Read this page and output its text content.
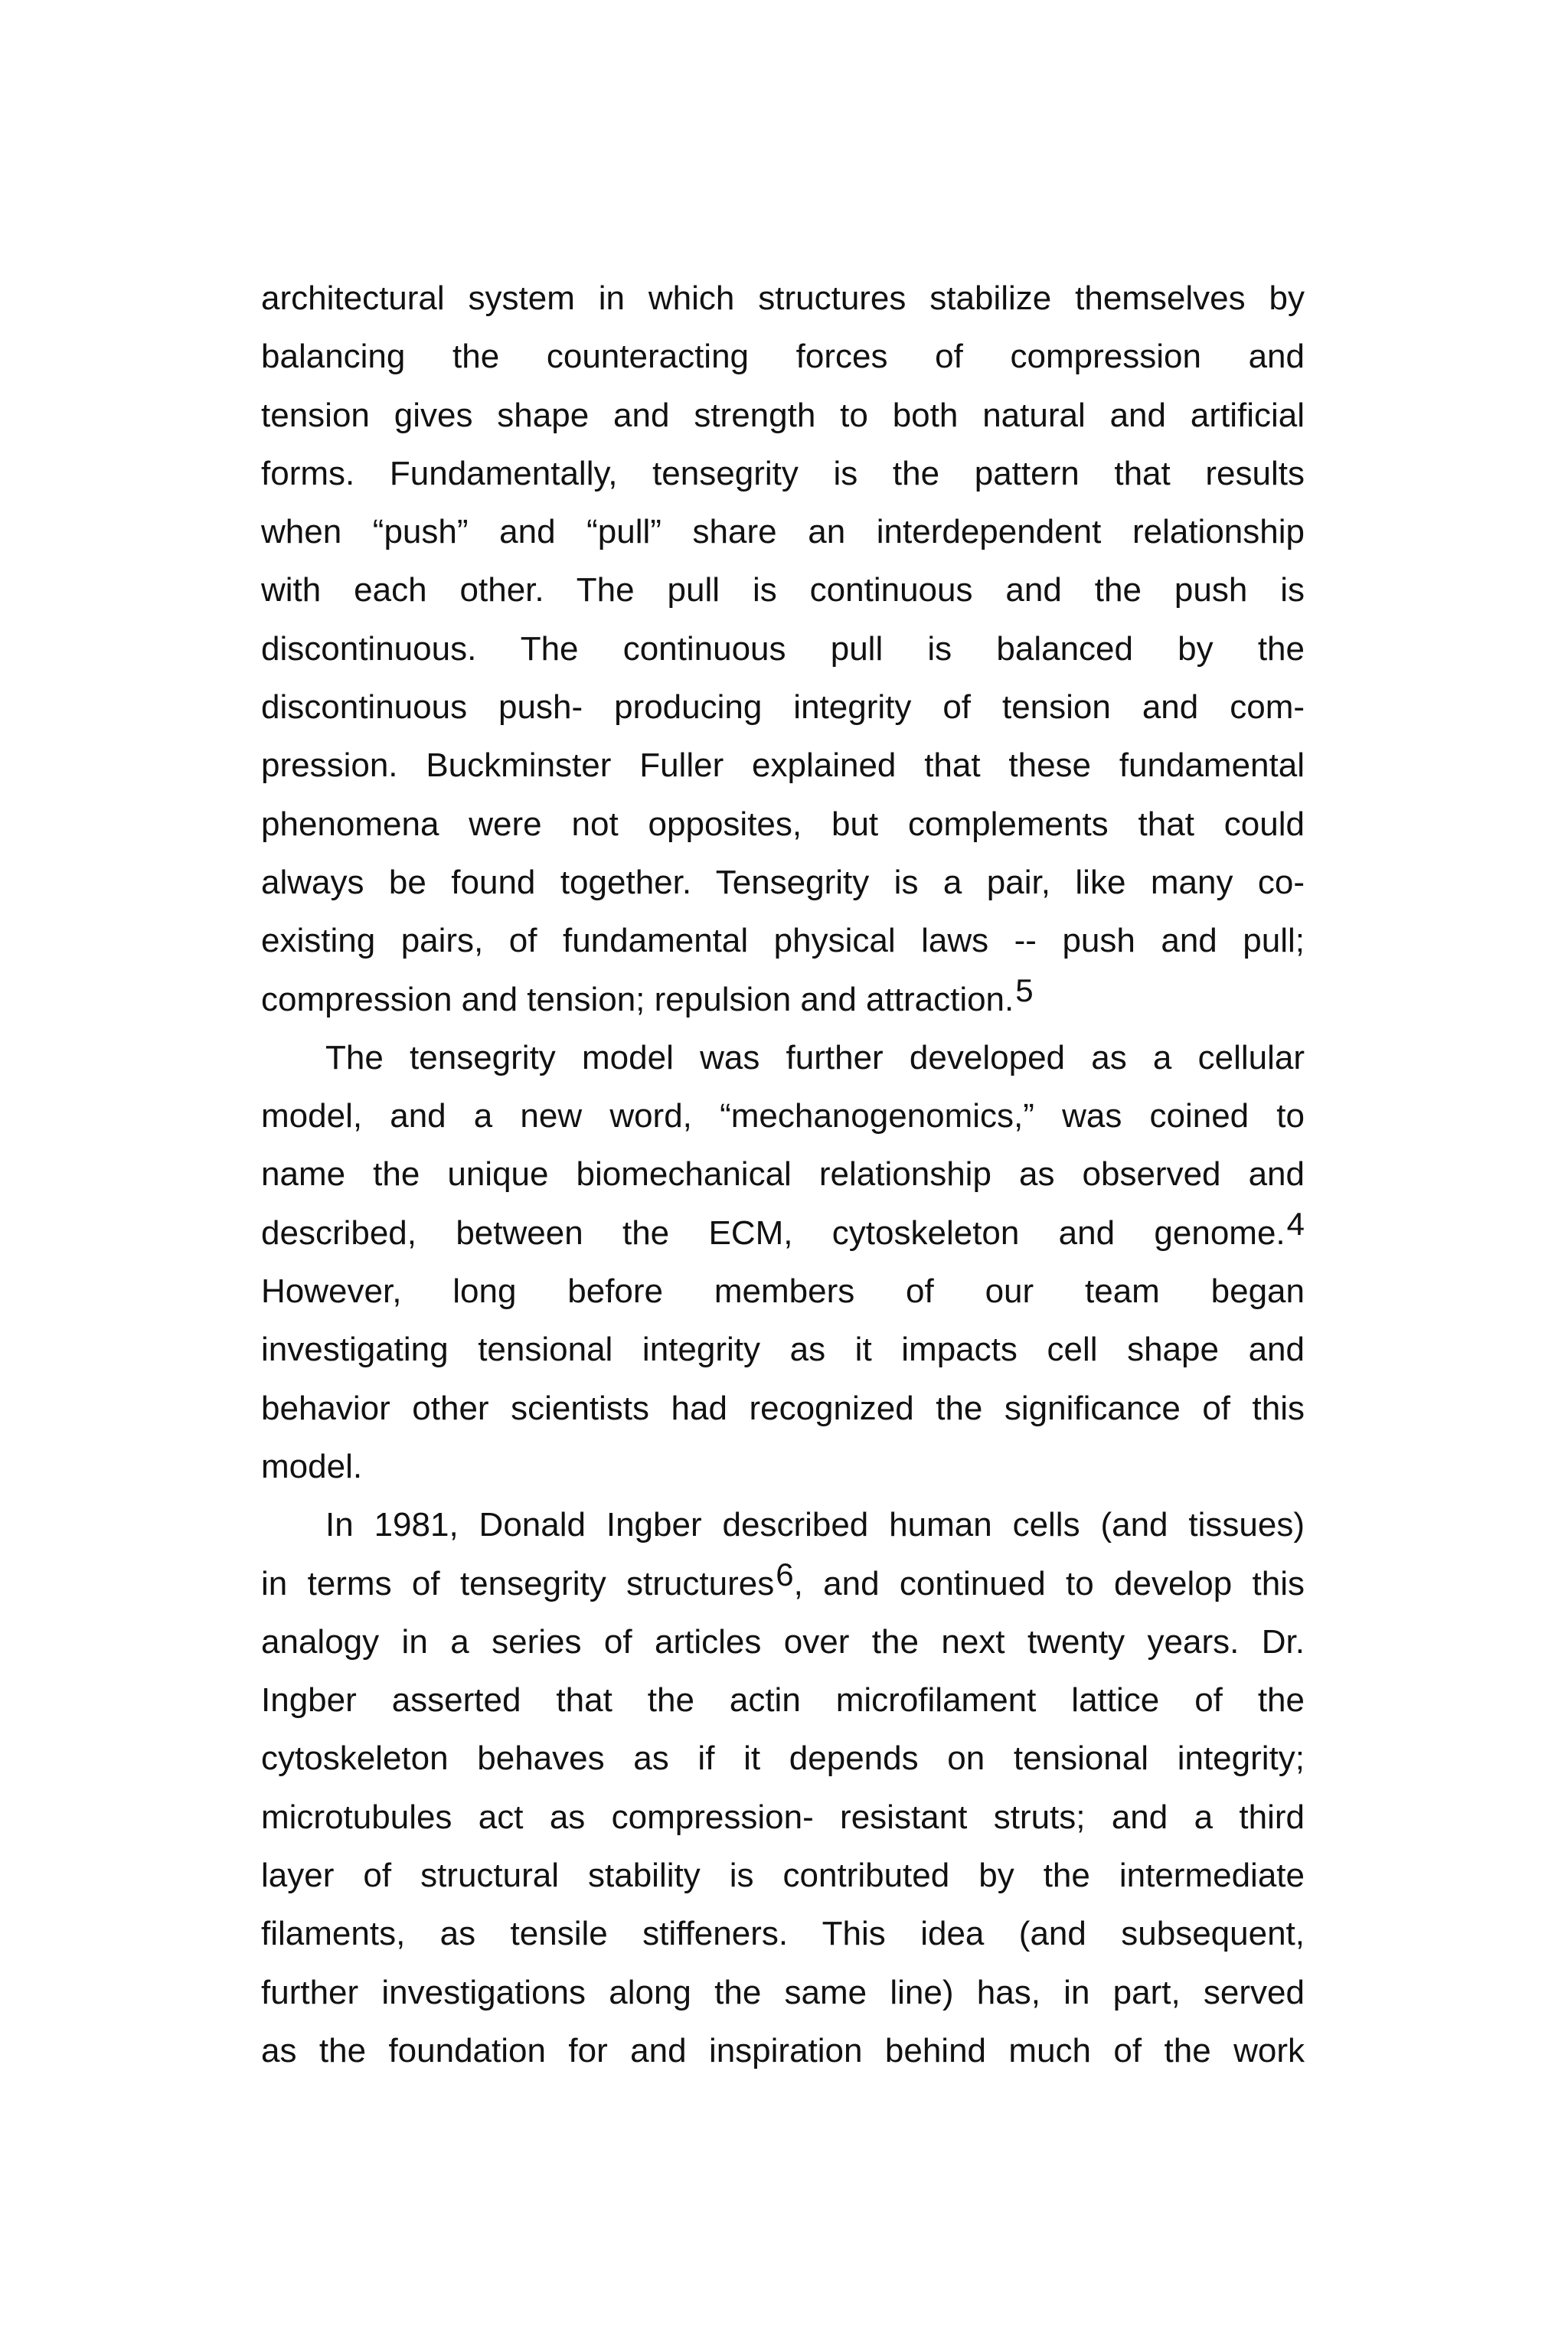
architectural system in which structures stabilize themselves by
balancing the counteracting forces of compression and
tension gives shape and strength to both natural and artificial
forms. Fundamentally, tensegrity is the pattern that results
when “push” and “pull” share an interdependent relationship
with each other. The pull is continuous and the push is
discontinuous. The continuous pull is balanced by the
discontinuous push- producing integrity of tension and com-
pression. Buckminster Fuller explained that these fundamental
phenomena were not opposites, but complements that could
always be found together. Tensegrity is a pair, like many co-
existing pairs, of fundamental physical laws -- push and pull;
compression and tension; repulsion and attraction.$^5$
The tensegrity model was further developed as a cellular
model, and a new word, “mechanogenomics,” was coined to
name the unique biomechanical relationship as observed and
described, between the ECM, cytoskeleton and genome.$^4$
However, long before members of our team began
investigating tensional integrity as it impacts cell shape and
behavior other scientists had recognized the significance of this
model.
In 1981, Donald Ingber described human cells (and tissues)
in terms of tensegrity structures$^6$, and continued to develop this
analogy in a series of articles over the next twenty years. Dr.
Ingber asserted that the actin microfilament lattice of the
cytoskeleton behaves as if it depends on tensional integrity;
microtubules act as compression- resistant struts; and a third
layer of structural stability is contributed by the intermediate
filaments, as tensile stiffeners. This idea (and subsequent,
further investigations along the same line) has, in part, served
as the foundation for and inspiration behind much of the work
